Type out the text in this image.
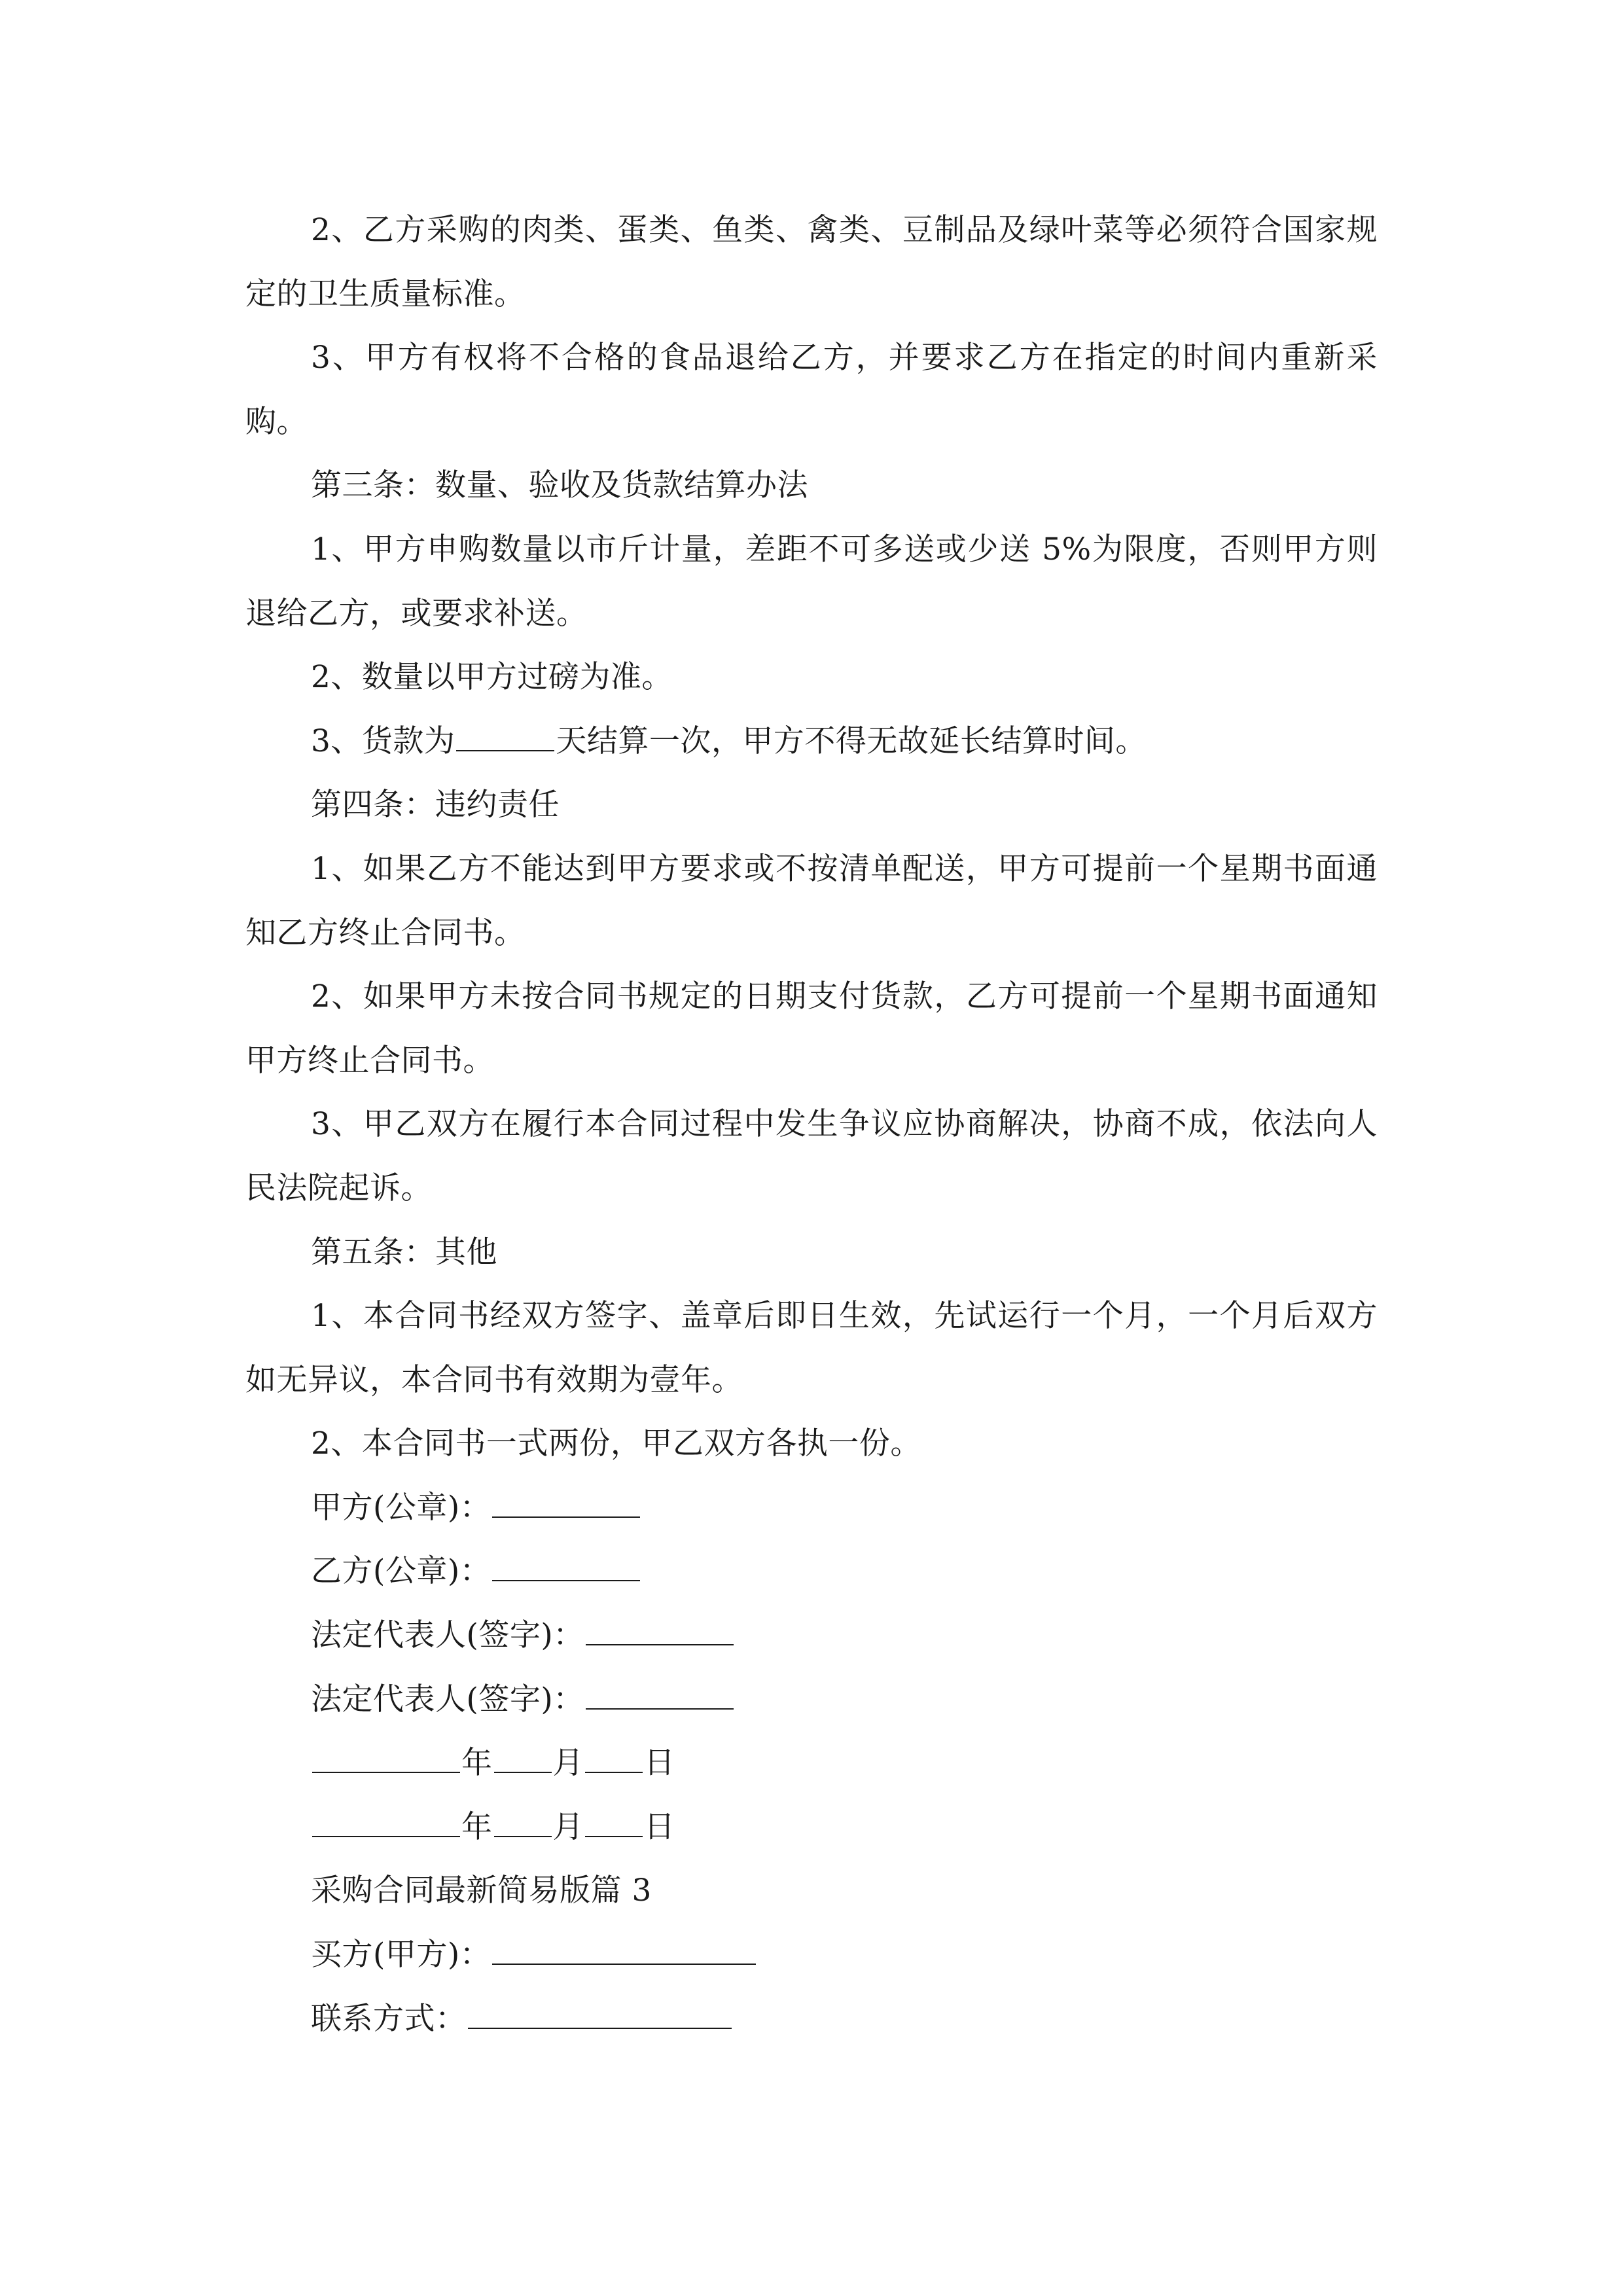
2、乙方采购的肉类、蛋类、鱼类、禽类、豆制品及绿叶菜等必须符合国家规定的卫生质量标准。

3、甲方有权将不合格的食品退给乙方，并要求乙方在指定的时间内重新采购。

第三条：数量、验收及货款结算办法

1、甲方申购数量以市斤计量，差距不可多送或少送 5%为限度，否则甲方则退给乙方，或要求补送。

2、数量以甲方过磅为准。

3、货款为	天结算一次，甲方不得无故延长结算时间。

第四条：违约责任

1、如果乙方不能达到甲方要求或不按清单配送，甲方可提前一个星期书面通知乙方终止合同书。

2、如果甲方未按合同书规定的日期支付货款，乙方可提前一个星期书面通知甲方终止合同书。

3、甲乙双方在履行本合同过程中发生争议应协商解决，协商不成，依法向人民法院起诉。

第五条：其他

1、本合同书经双方签字、盖章后即日生效，先试运行一个月，一个月后双方如无异议，本合同书有效期为壹年。

2、本合同书一式两份，甲乙双方各执一份。

甲方(公章)：

乙方(公章)：

法定代表人(签字)：

法定代表人(签字)：

年 月 日

年 月 日

采购合同最新简易版篇 3

买方(甲方)：

联系方式：
